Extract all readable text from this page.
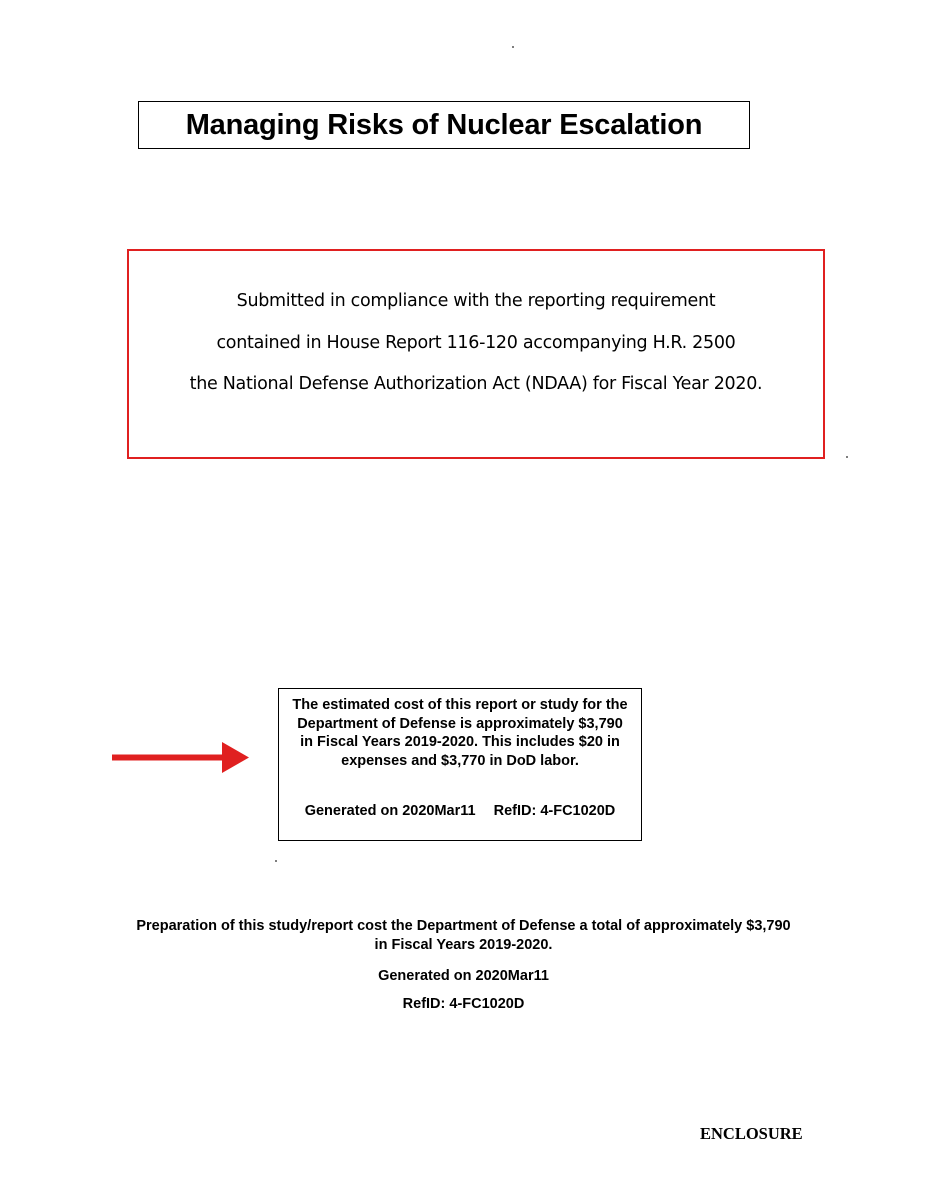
Managing Risks of Nuclear Escalation
Submitted in compliance with the reporting requirement
contained in House Report 116-120 accompanying H.R. 2500
the National Defense Authorization Act (NDAA) for Fiscal Year 2020.
The estimated cost of this report or study for the Department of Defense is approximately $3,790 in Fiscal Years 2019-2020. This includes $20 in expenses and $3,770 in DoD labor.
Generated on 2020Mar11 RefID: 4-FC1020D
Preparation of this study/report cost the Department of Defense a total of approximately $3,790
in Fiscal Years 2019-2020.
Generated on 2020Mar11
RefID: 4-FC1020D
ENCLOSURE
